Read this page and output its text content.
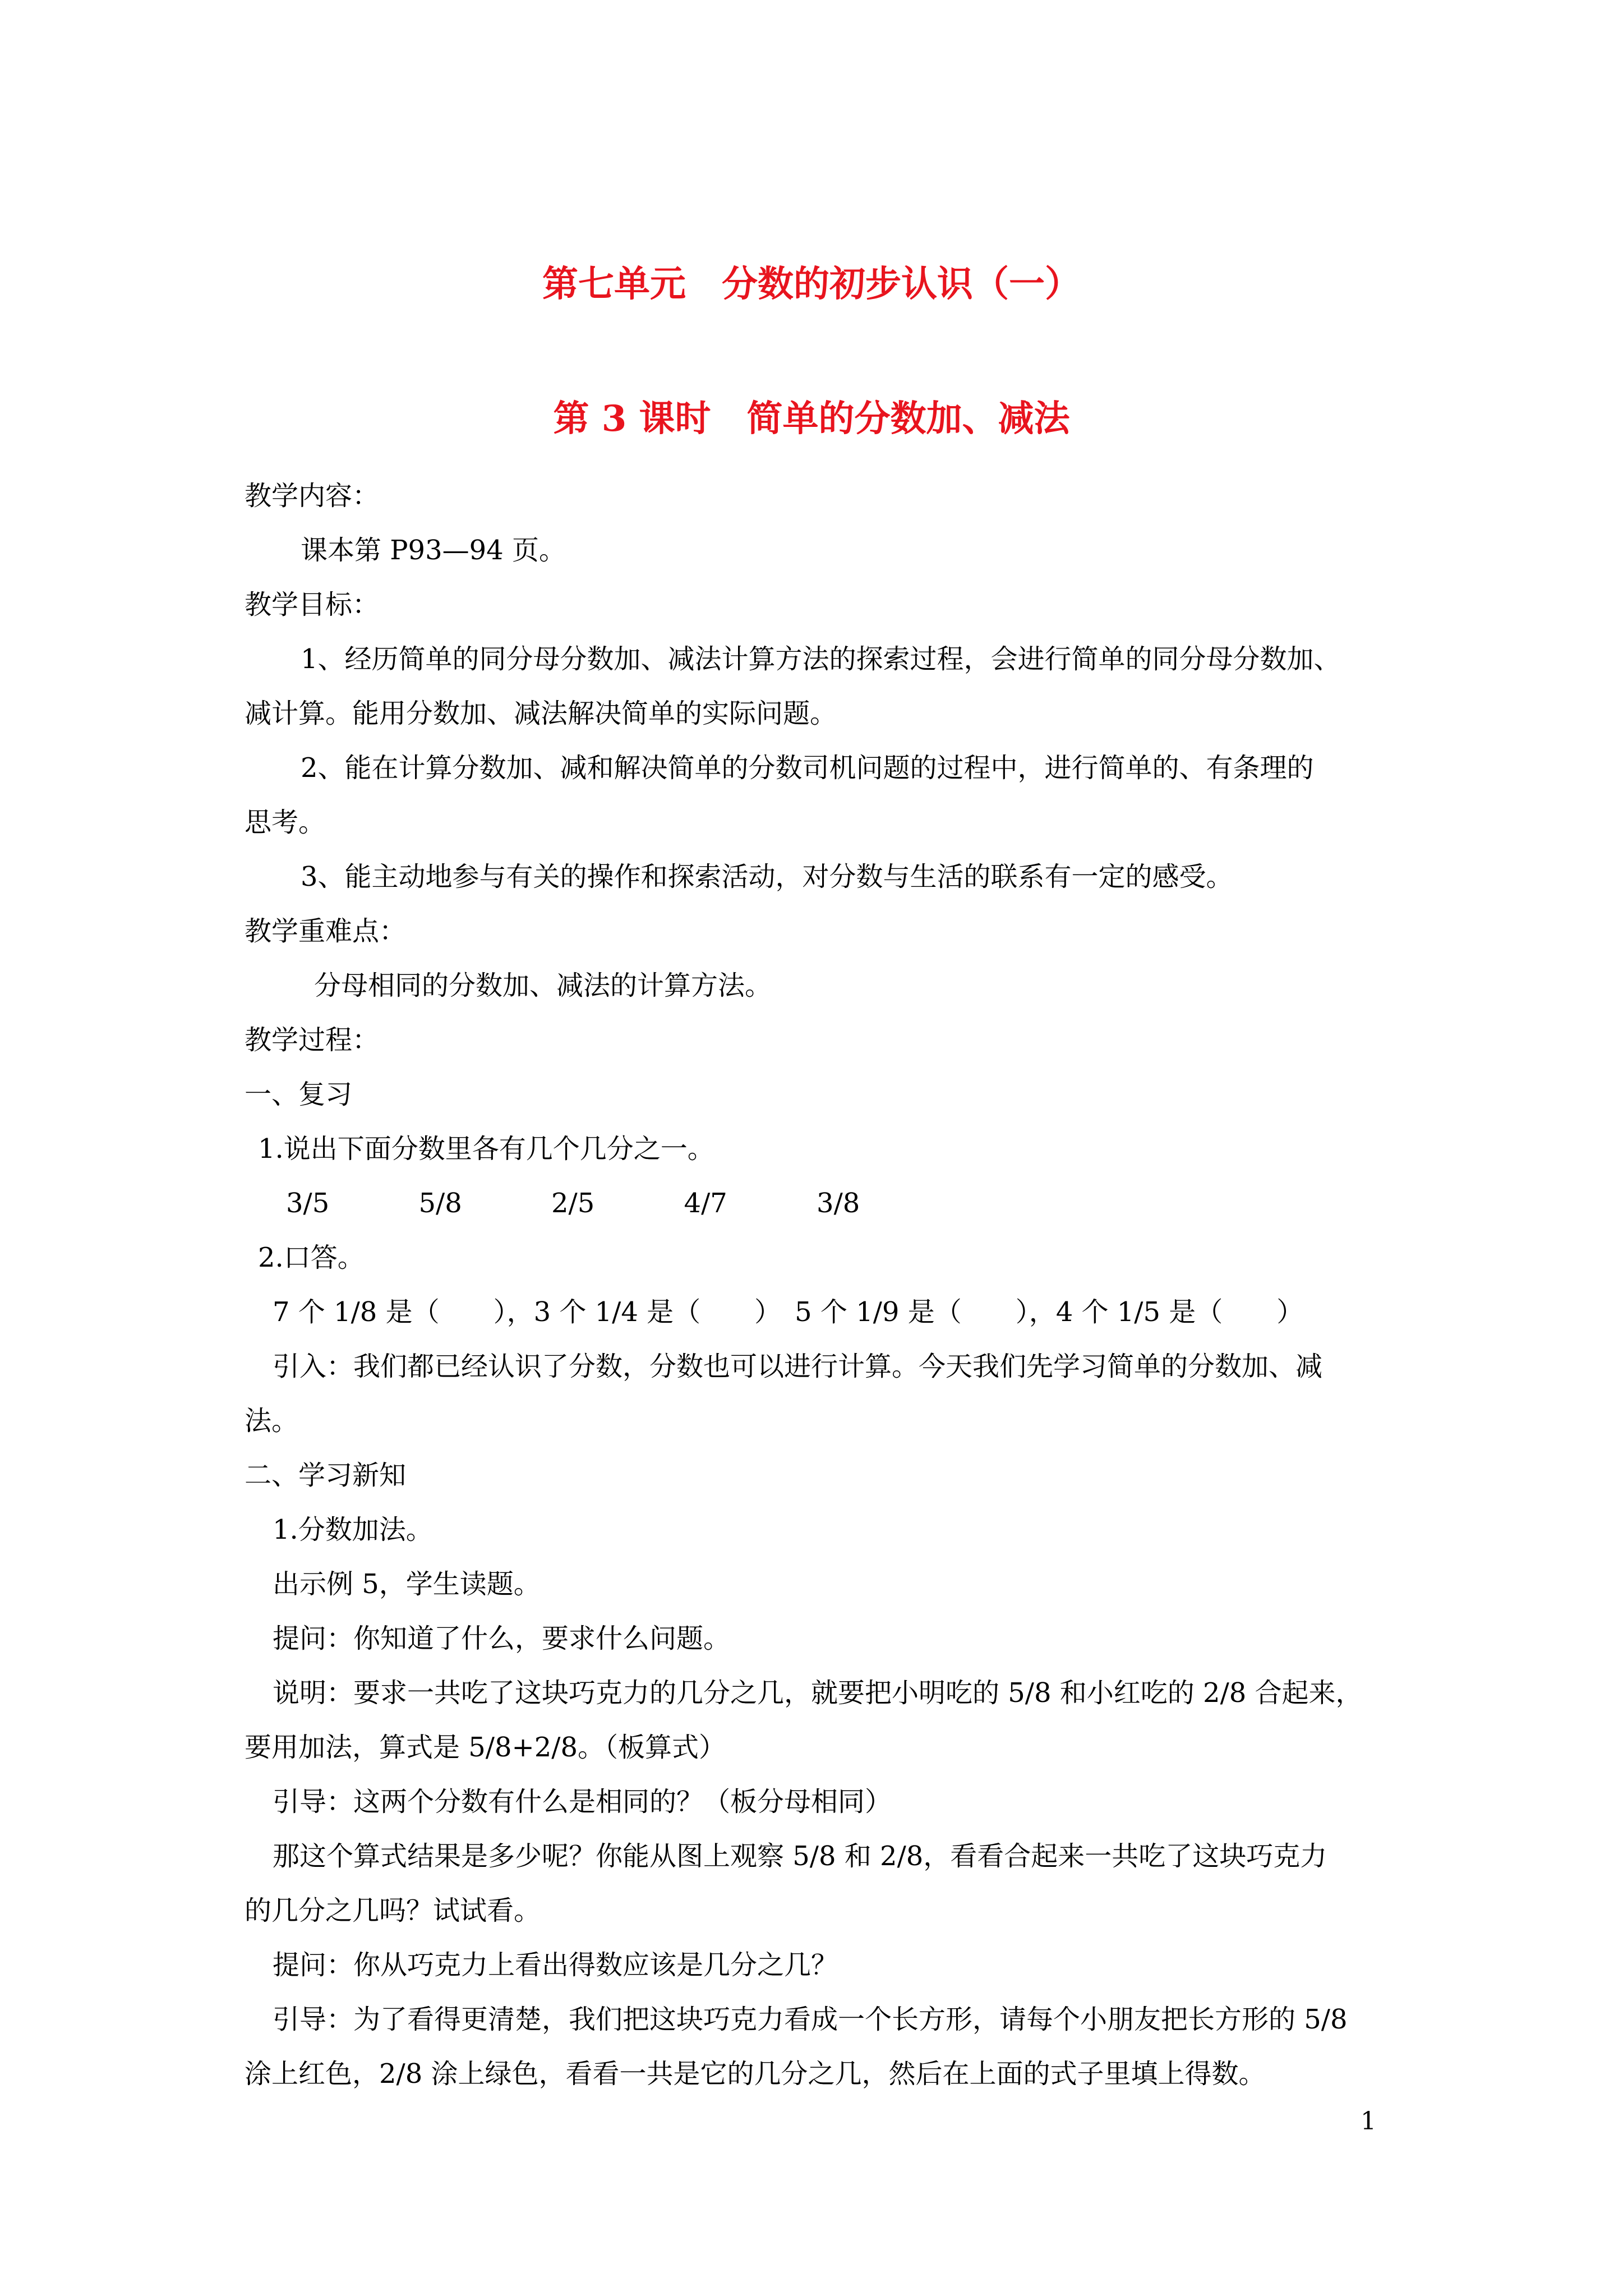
第七单元　分数的初步认识（一）
第 3 课时　简单的分数加、减法
教学内容：
课本第 P93—94 页。
教学目标：
1、经历简单的同分母分数加、减法计算方法的探索过程，会进行简单的同分母分数加、
减计算。能用分数加、减法解决简单的实际问题。
2、能在计算分数加、减和解决简单的分数司机问题的过程中，进行简单的、有条理的
思考。
3、能主动地参与有关的操作和探索活动，对分数与生活的联系有一定的感受。
教学重难点：
分母相同的分数加、减法的计算方法。
教学过程：
一、复习
1.说出下面分数里各有几个几分之一。
3/5　　　 5/8　　　 2/5　　　 4/7　　　 3/8
2.口答。
7 个 1/8 是（　　），3 个 1/4 是（　　）　5 个 1/9 是（　　），4 个 1/5 是（　　）
引入：我们都已经认识了分数，分数也可以进行计算。今天我们先学习简单的分数加、减
法。
二、学习新知
1.分数加法。
出示例 5，学生读题。
提问：你知道了什么，要求什么问题。
说明：要求一共吃了这块巧克力的几分之几，就要把小明吃的 5/8 和小红吃的 2/8 合起来，
要用加法，算式是 5/8+2/8。（板算式）
引导：这两个分数有什么是相同的？（板分母相同）
那这个算式结果是多少呢？你能从图上观察 5/8 和 2/8，看看合起来一共吃了这块巧克力
的几分之几吗？试试看。
提问：你从巧克力上看出得数应该是几分之几？
引导：为了看得更清楚，我们把这块巧克力看成一个长方形，请每个小朋友把长方形的 5/8
涂上红色，2/8 涂上绿色，看看一共是它的几分之几，然后在上面的式子里填上得数。
1
